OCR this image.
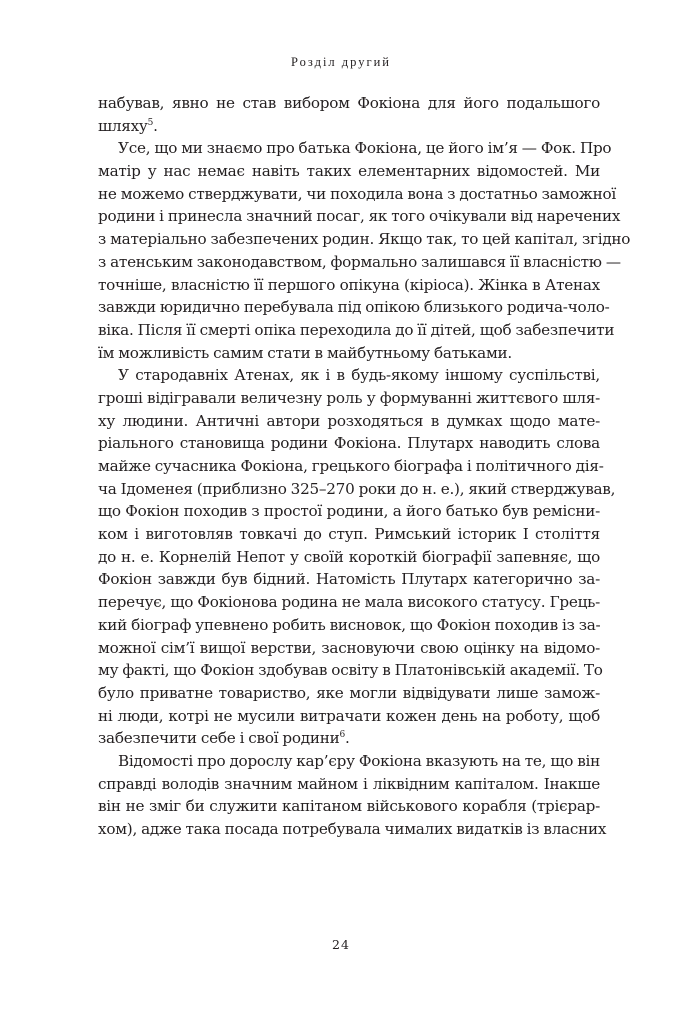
Розділ другий
набував, явно не став вибором Фокіона для його подальшого
шляху$^5$.
Усе, що ми знаємо про батька Фокіона, це його ім’я — Фок. Про
матір у нас немає навіть таких елементарних відомостей. Ми
не можемо стверджувати, чи походила вона з достатньо заможної
родини і принесла значний посаг, як того очікували від наречених
з матеріально забезпечених родин. Якщо так, то цей капітал, згідно
з атенським законодавством, формально залишався її власністю —
точніше, власністю її першого опікуна (кіріоса). Жінка в Атенах
завжди юридично перебувала під опікою близького родича-чоло-
віка. Після її смерті опіка переходила до її дітей, щоб забезпечити
їм можливість самим стати в майбутньому батьками.
У стародавніх Атенах, як і в будь-якому іншому суспільстві,
гроші відігравали величезну роль у формуванні життєвого шля-
ху людини. Античні автори розходяться в думках щодо мате-
ріального становища родини Фокіона. Плутарх наводить слова
майже сучасника Фокіона, грецького біографа і політичного дія-
ча Ідоменея (приблизно 325–270 роки до н. е.), який стверджував,
що Фокіон походив з простої родини, а його батько був ремісни-
ком і виготовляв товкачі до ступ. Римський історик І століття
до н. е. Корнелій Непот у своїй короткій біографії запевняє, що
Фокіон завжди був бідний. Натомість Плутарх категорично за-
перечує, що Фокіонова родина не мала високого статусу. Грець-
кий біограф упевнено робить висновок, що Фокіон походив із за-
можної сім’ї вищої верстви, засновуючи свою оцінку на відомо-
му факті, що Фокіон здобував освіту в Платонівській академії. То
було приватне товариство, яке могли відвідувати лише замож-
ні люди, котрі не мусили витрачати кожен день на роботу, щоб
забезпечити себе і свої родини$^6$.
Відомості про дорослу кар’єру Фокіона вказують на те, що він
справді володів значним майном і ліквідним капіталом. Інакше
він не зміг би служити капітаном військового корабля (трієрар-
хом), адже така посада потребувала чималих видатків із власних
24
